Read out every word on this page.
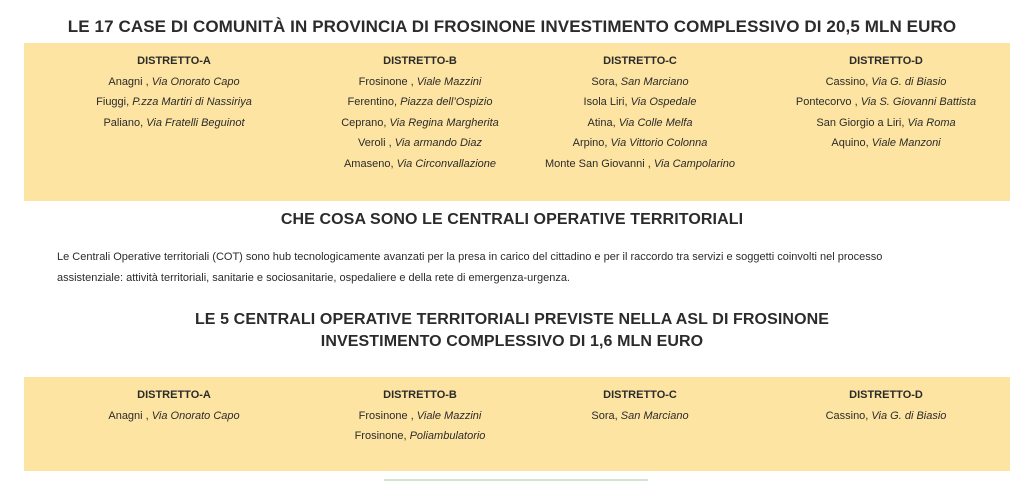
LE 17 CASE DI COMUNITÀ IN PROVINCIA DI FROSINONE INVESTIMENTO COMPLESSIVO DI 20,5 MLN EURO
DISTRETTO-A
Anagni , Via Onorato Capo
Fiuggi, P.zza Martiri di Nassiriya
Paliano, Via Fratelli Beguinot
DISTRETTO-B
Frosinone , Viale Mazzini
Ferentino, Piazza dell’Ospizio
Ceprano, Via Regina Margherita
Veroli , Via armando Diaz
Amaseno, Via Circonvallazione
DISTRETTO-C
Sora, San Marciano
Isola Liri, Via Ospedale
Atina, Via Colle Melfa
Arpino, Via Vittorio Colonna
Monte San Giovanni , Via Campolarino
DISTRETTO-D
Cassino, Via G. di Biasio
Pontecorvo , Via S. Giovanni Battista
San Giorgio a Liri, Via Roma
Aquino, Viale Manzoni
CHE COSA SONO LE CENTRALI OPERATIVE TERRITORIALI
Le Centrali Operative territoriali (COT) sono hub tecnologicamente avanzati per la presa in carico del cittadino e per il raccordo tra servizi e soggetti coinvolti nel processo
assistenziale: attività territoriali, sanitarie e sociosanitarie, ospedaliere e della rete di emergenza-urgenza.
LE 5 CENTRALI OPERATIVE TERRITORIALI PREVISTE NELLA ASL DI FROSINONE
INVESTIMENTO COMPLESSIVO DI 1,6 MLN EURO
DISTRETTO-A
Anagni , Via Onorato Capo
DISTRETTO-B
Frosinone , Viale Mazzini
Frosinone, Poliambulatorio
DISTRETTO-C
Sora, San Marciano
DISTRETTO-D
Cassino, Via G. di Biasio
